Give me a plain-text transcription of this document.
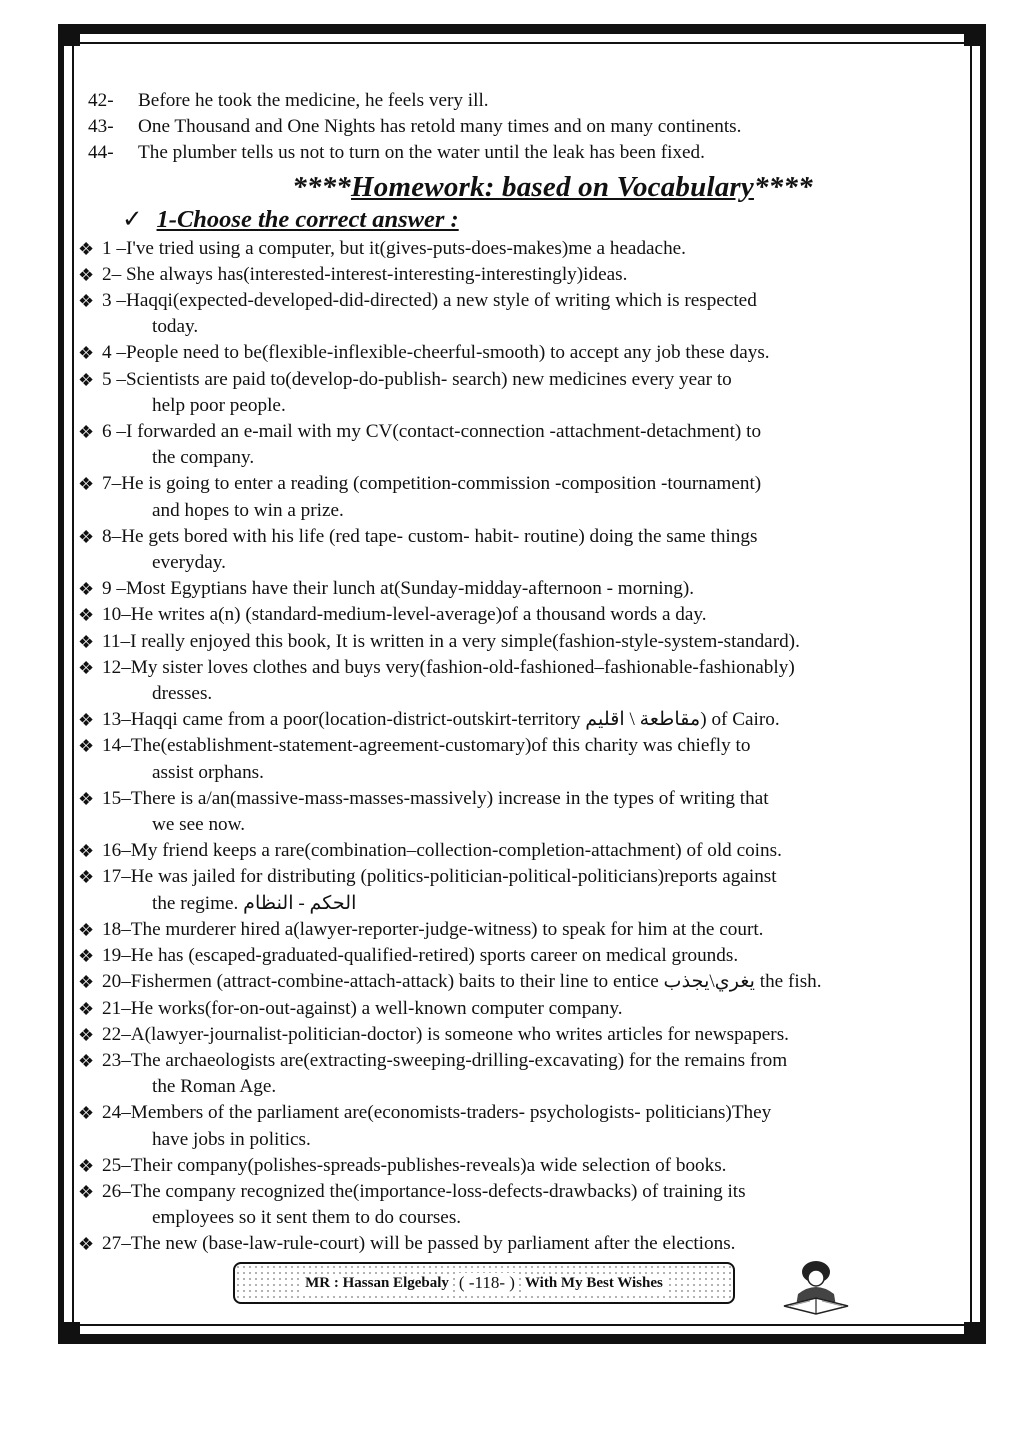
42-	Before he took the medicine, he feels very ill.
43-	One Thousand and One Nights has retold many times and on many continents.
44-	The plumber tells us not to turn on the water until the leak has been fixed.
****Homework: based on Vocabulary****
✓ 1-Choose the correct answer :
❖ 1 –I've tried using a computer, but it(gives-puts-does-makes)me a headache.
❖ 2– She always has(interested-interest-interesting-interestingly)ideas.
❖ 3 –Haqqi(expected-developed-did-directed) a new style of writing which is respected
today.
❖ 4 –People need to be(flexible-inflexible-cheerful-smooth) to accept any job these days.
❖ 5 –Scientists are paid to(develop-do-publish- search) new medicines every year to
help poor people.
❖ 6 –I forwarded an e-mail with my CV(contact-connection -attachment-detachment) to
the company.
❖ 7–He is going to enter a reading (competition-commission -composition -tournament)
and hopes to win a prize.
❖ 8–He gets bored with his life (red tape- custom- habit- routine) doing the same things
everyday.
❖ 9 –Most Egyptians have their lunch at(Sunday-midday-afternoon - morning).
❖ 10–He writes a(n) (standard-medium-level-average)of a thousand words a day.
❖ 11–I really enjoyed this book, It is written in a very simple(fashion-style-system-standard).
❖ 12–My sister loves clothes and buys very(fashion-old-fashioned–fashionable-fashionably)
dresses.
❖ 13–Haqqi came from a poor(location-district-outskirt-territory مقاطعة \ اقليم) of Cairo.
❖ 14–The(establishment-statement-agreement-customary)of this charity was chiefly to
assist orphans.
❖ 15–There is a/an(massive-mass-masses-massively) increase in the types of writing that
we see now.
❖ 16–My friend keeps a rare(combination–collection-completion-attachment) of old coins.
❖ 17–He was jailed for distributing (politics-politician-political-politicians)reports against
the regime. الحكم - النظام
❖ 18–The murderer hired a(lawyer-reporter-judge-witness) to speak for him at the court.
❖ 19–He has (escaped-graduated-qualified-retired) sports career on medical grounds.
❖ 20–Fishermen (attract-combine-attach-attack) baits to their line to entice يغري\يجذب the fish.
❖ 21–He works(for-on-out-against) a well-known computer company.
❖ 22–A(lawyer-journalist-politician-doctor) is someone who writes articles for newspapers.
❖ 23–The archaeologists are(extracting-sweeping-drilling-excavating) for the remains from
the Roman Age.
❖ 24–Members of the parliament are(economists-traders- psychologists- politicians)They
have jobs in politics.
❖ 25–Their company(polishes-spreads-publishes-reveals)a wide selection of books.
❖ 26–The company recognized the(importance-loss-defects-drawbacks) of training its
employees so it sent them to do courses.
❖ 27–The new (base-law-rule-court) will be passed by parliament after the elections.
MR : Hassan Elgebaly ( -118- ) With My Best Wishes
